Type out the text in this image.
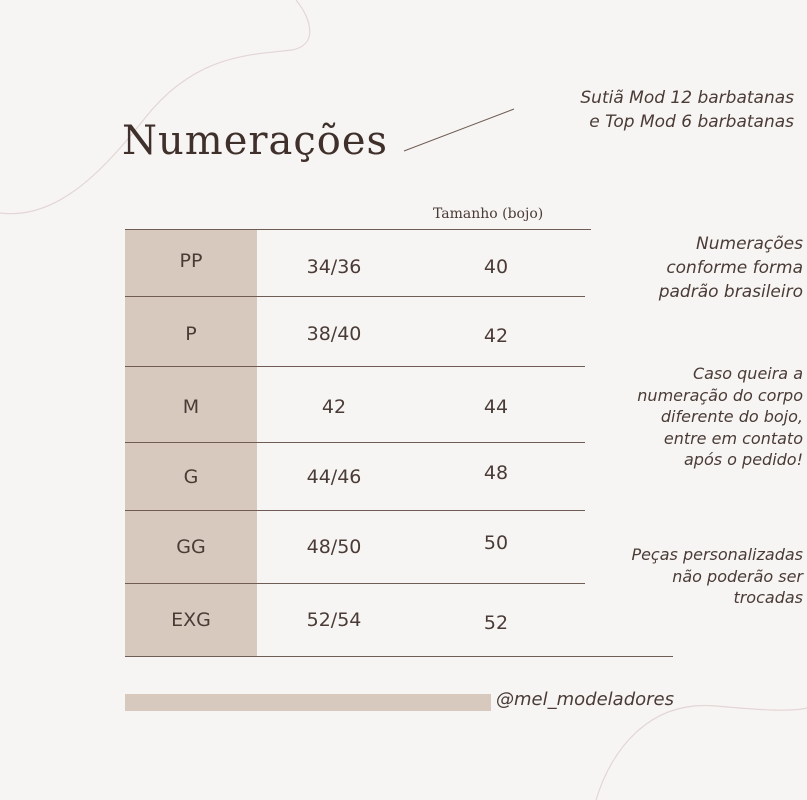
Numerações
Sutiã Mod 12 barbatanas
e Top Mod 6 barbatanas
Tamanho (bojo)
PP	34/36	40
P	38/40	42
M	42	44
G	44/46	48
GG	48/50	50
EXG	52/54	52
Numerações
conforme forma
padrão brasileiro
Caso queira a
numeração do corpo
diferente do bojo,
entre em contato
após o pedido!
Peças personalizadas
não poderão ser
trocadas
@mel_modeladores
